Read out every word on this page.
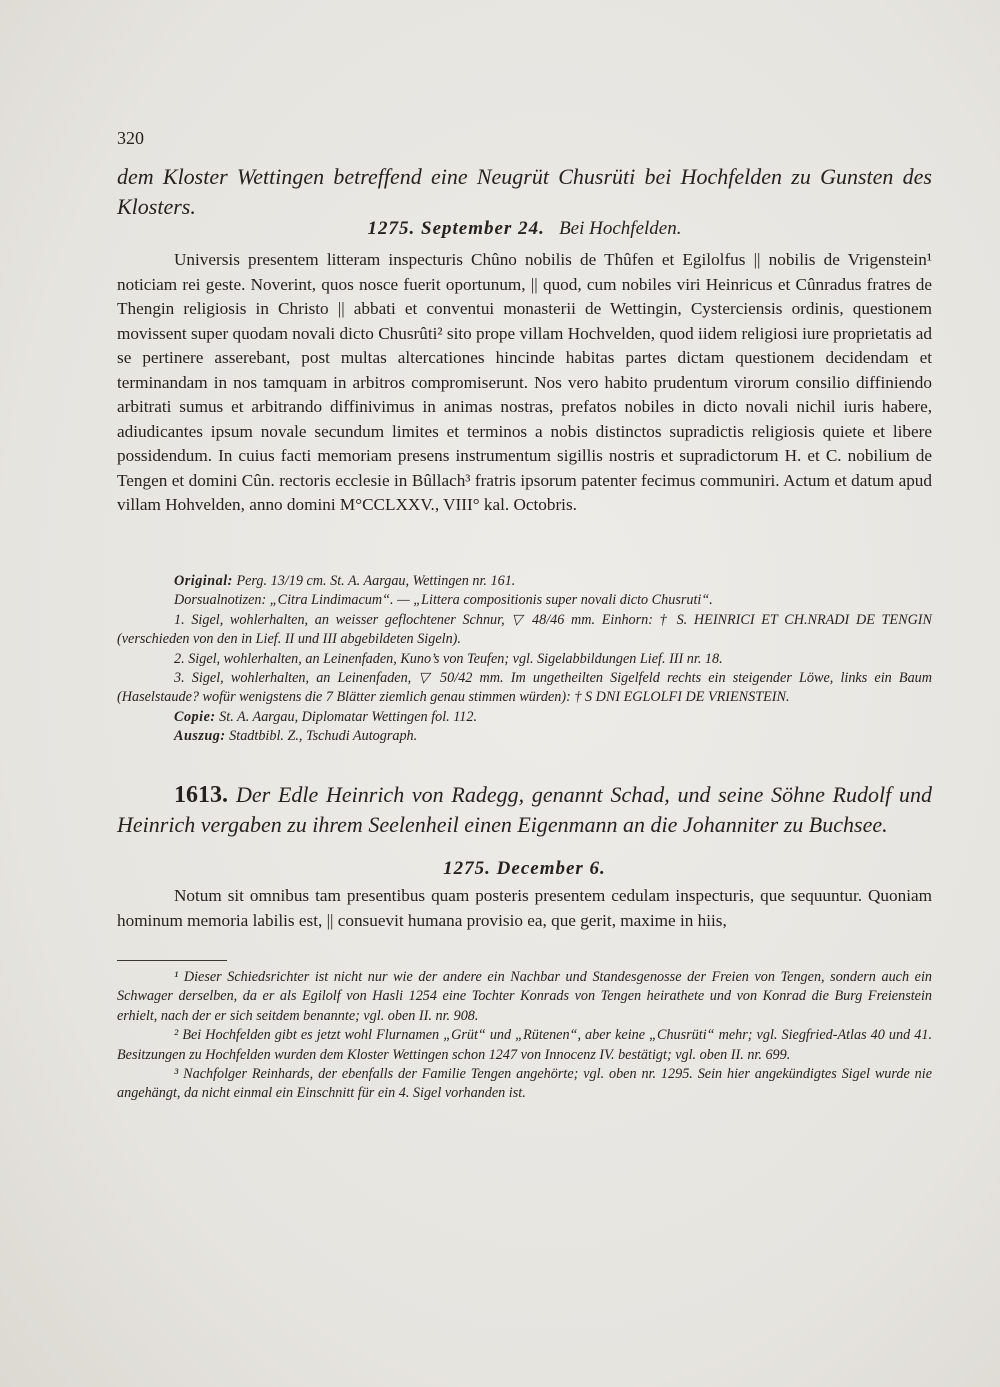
320
dem Kloster Wettingen betreffend eine Neugrüt Chusrüti bei Hochfelden zu Gunsten des Klosters.
1275. September 24. Bei Hochfelden.

Universis presentem litteram inspecturis Chûno nobilis de Thûfen et Egilolfus || nobilis de Vrigenstein¹ noticiam rei geste. Noverint, quos nosce fuerit oportunum, || quod, cum nobiles viri Heinricus et Cûnradus fratres de Thengin religiosis in Christo || abbati et conventui monasterii de Wettingin, Cysterciensis ordinis, questionem movissent super quodam novali dicto Chusrûti² sito prope villam Hochvelden, quod iidem religiosi iure proprietatis ad se pertinere asserebant, post multas altercationes hincinde habitas partes dictam questionem decidendam et terminandam in nos tamquam in arbitros compromiserunt. Nos vero habito prudentum virorum consilio diffiniendo arbitrati sumus et arbitrando diffinivimus in animas nostras, prefatos nobiles in dicto novali nichil iuris habere, adiudicantes ipsum novale secundum limites et terminos a nobis distinctos supradictis religiosis quiete et libere possidendum. In cuius facti memoriam presens instrumentum sigillis nostris et supradictorum H. et C. nobilium de Tengen et domini Cûn. rectoris ecclesie in Bûllach³ fratris ipsorum patenter fecimus communiri. Actum et datum apud villam Hohvelden, anno domini M°CCLXXV., VIII° kal. Octobris.

Original: Perg. 13/19 cm. St. A. Aargau, Wettingen nr. 161.

Dorsualnotizen: „Citra Lindimacum“. — „Littera compositionis super novali dicto Chusruti“.

1. Sigel, wohlerhalten, an weisser geflochtener Schnur, ▽ 48/46 mm. Einhorn: † S. HEINRICI ET CH.NRADI DE TENGIN (verschieden von den in Lief. II und III abgebildeten Sigeln).

2. Sigel, wohlerhalten, an Leinenfaden, Kuno’s von Teufen; vgl. Sigelabbildungen Lief. III nr. 18.

3. Sigel, wohlerhalten, an Leinenfaden, ▽ 50/42 mm. Im ungetheilten Sigelfeld rechts ein steigender Löwe, links ein Baum (Haselstaude? wofür wenigstens die 7 Blätter ziemlich genau stimmen würden): † S DNI EGLOLFI DE VRIENSTEIN.

Copie: St. A. Aargau, Diplomatar Wettingen fol. 112.

Auszug: Stadtbibl. Z., Tschudi Autograph.

1613. Der Edle Heinrich von Radegg, genannt Schad, und seine Söhne Rudolf und Heinrich vergaben zu ihrem Seelenheil einen Eigenmann an die Johanniter zu Buchsee.
1275. December 6.

Notum sit omnibus tam presentibus quam posteris presentem cedulam inspecturis, que sequuntur. Quoniam hominum memoria labilis est, || consuevit humana provisio ea, que gerit, maxime in hiis,

¹ Dieser Schiedsrichter ist nicht nur wie der andere ein Nachbar und Standesgenosse der Freien von Tengen, sondern auch ein Schwager derselben, da er als Egilolf von Hasli 1254 eine Tochter Konrads von Tengen heirathete und von Konrad die Burg Freienstein erhielt, nach der er sich seitdem benannte; vgl. oben II. nr. 908.

² Bei Hochfelden gibt es jetzt wohl Flurnamen „Grüt“ und „Rütenen“, aber keine „Chusrüti“ mehr; vgl. Siegfried-Atlas 40 und 41. Besitzungen zu Hochfelden wurden dem Kloster Wettingen schon 1247 von Innocenz IV. bestätigt; vgl. oben II. nr. 699.

³ Nachfolger Reinhards, der ebenfalls der Familie Tengen angehörte; vgl. oben nr. 1295. Sein hier angekündigtes Sigel wurde nie angehängt, da nicht einmal ein Einschnitt für ein 4. Sigel vorhanden ist.
